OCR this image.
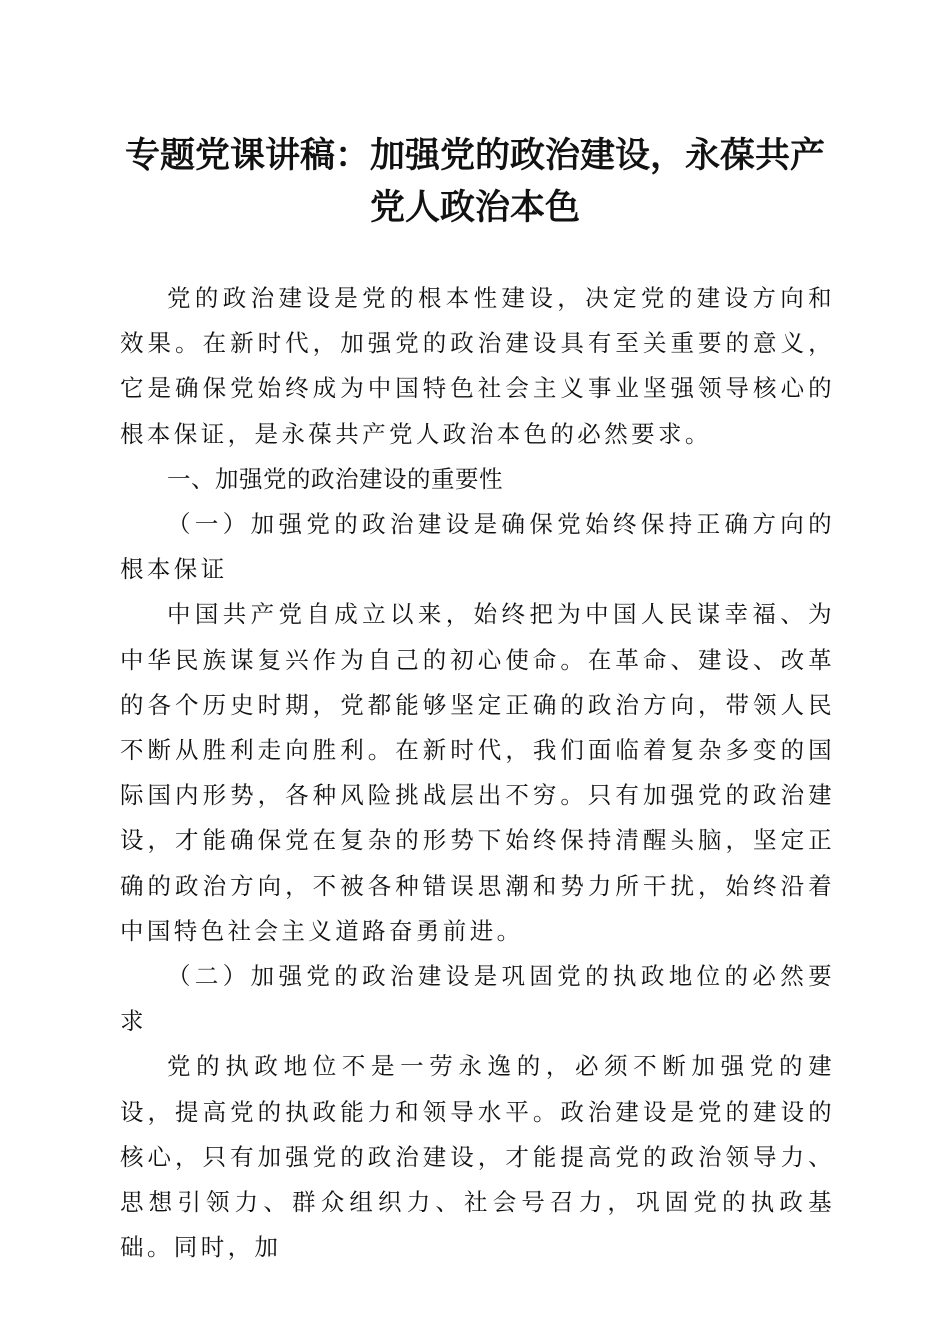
专题党课讲稿：加强党的政治建设，永葆共产
党人政治本色

党的政治建设是党的根本性建设，决定党的建设方向和效果。在新时代，加强党的政治建设具有至关重要的意义，它是确保党始终成为中国特色社会主义事业坚强领导核心的根本保证，是永葆共产党人政治本色的必然要求。

一、加强党的政治建设的重要性

（一）加强党的政治建设是确保党始终保持正确方向的根本保证

中国共产党自成立以来，始终把为中国人民谋幸福、为中华民族谋复兴作为自己的初心使命。在革命、建设、改革的各个历史时期，党都能够坚定正确的政治方向，带领人民不断从胜利走向胜利。在新时代，我们面临着复杂多变的国际国内形势，各种风险挑战层出不穷。只有加强党的政治建设，才能确保党在复杂的形势下始终保持清醒头脑，坚定正确的政治方向，不被各种错误思潮和势力所干扰，始终沿着中国特色社会主义道路奋勇前进。

（二）加强党的政治建设是巩固党的执政地位的必然要求

党的执政地位不是一劳永逸的，必须不断加强党的建设，提高党的执政能力和领导水平。政治建设是党的建设的核心，只有加强党的政治建设，才能提高党的政治领导力、思想引领力、群众组织力、社会号召力，巩固党的执政基础。同时，加
